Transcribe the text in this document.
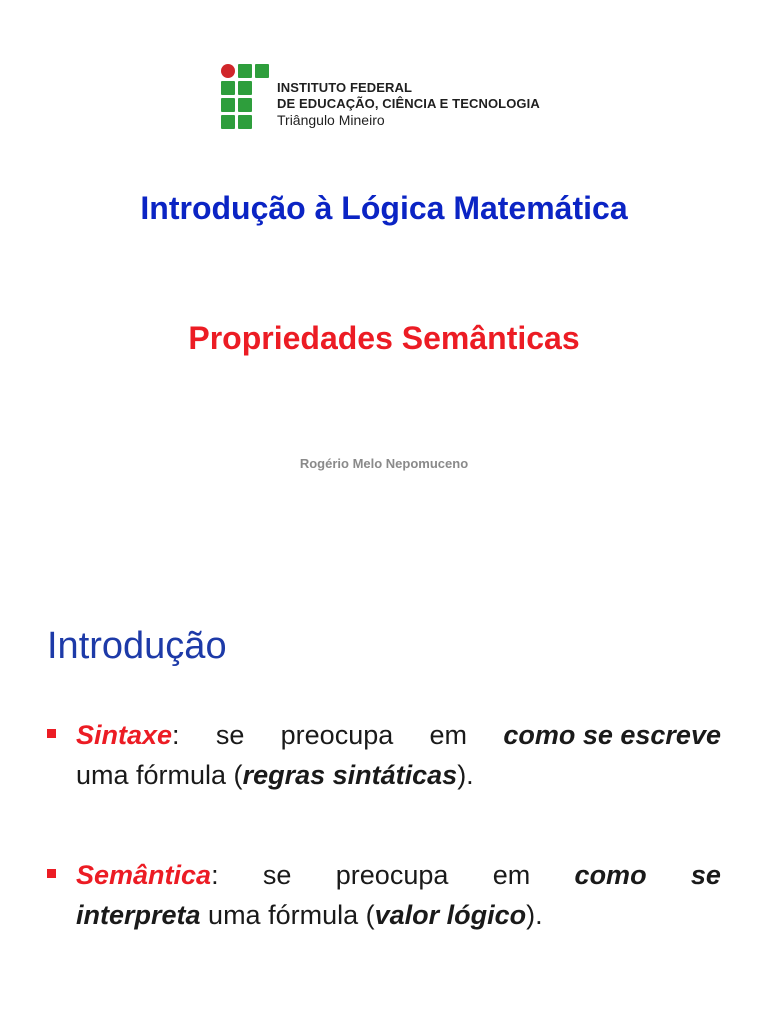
INSTITUTO FEDERAL
DE EDUCAÇÃO, CIÊNCIA E TECNOLOGIA
Triângulo Mineiro
Introdução à Lógica Matemática
Propriedades Semânticas
Rogério Melo Nepomuceno
Introdução
Sintaxe : se preocupa em como se escreve
uma fórmula (regras sintáticas).
Semântica : se preocupa em como se
interpreta uma fórmula (valor lógico).
